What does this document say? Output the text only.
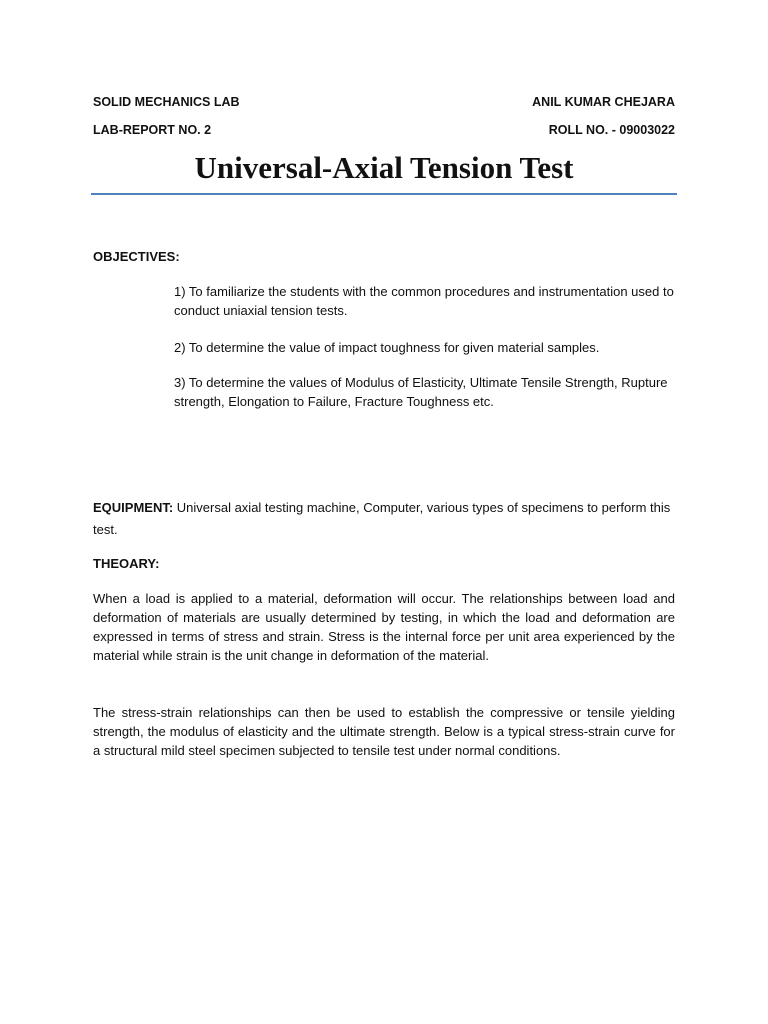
SOLID MECHANICS LAB	ANIL KUMAR CHEJARA
LAB-REPORT NO. 2	ROLL NO. - 09003022
Universal-Axial Tension Test
OBJECTIVES:
1) To familiarize the students with the common procedures and instrumentation used to conduct uniaxial tension tests.
2) To determine the value of impact toughness for given material samples.
3) To determine the values of Modulus of Elasticity, Ultimate Tensile Strength, Rupture strength, Elongation to Failure, Fracture Toughness etc.
EQUIPMENT: Universal axial testing machine, Computer, various types of specimens to perform this test.
THEOARY:
When a load is applied to a material, deformation will occur. The relationships between load and deformation of materials are usually determined by testing, in which the load and deformation are expressed in terms of stress and strain. Stress is the internal force per unit area experienced by the material while strain is the unit change in deformation of the material.
The stress-strain relationships can then be used to establish the compressive or tensile yielding strength, the modulus of elasticity and the ultimate strength. Below is a typical stress-strain curve for a structural mild steel specimen subjected to tensile test under normal conditions.
